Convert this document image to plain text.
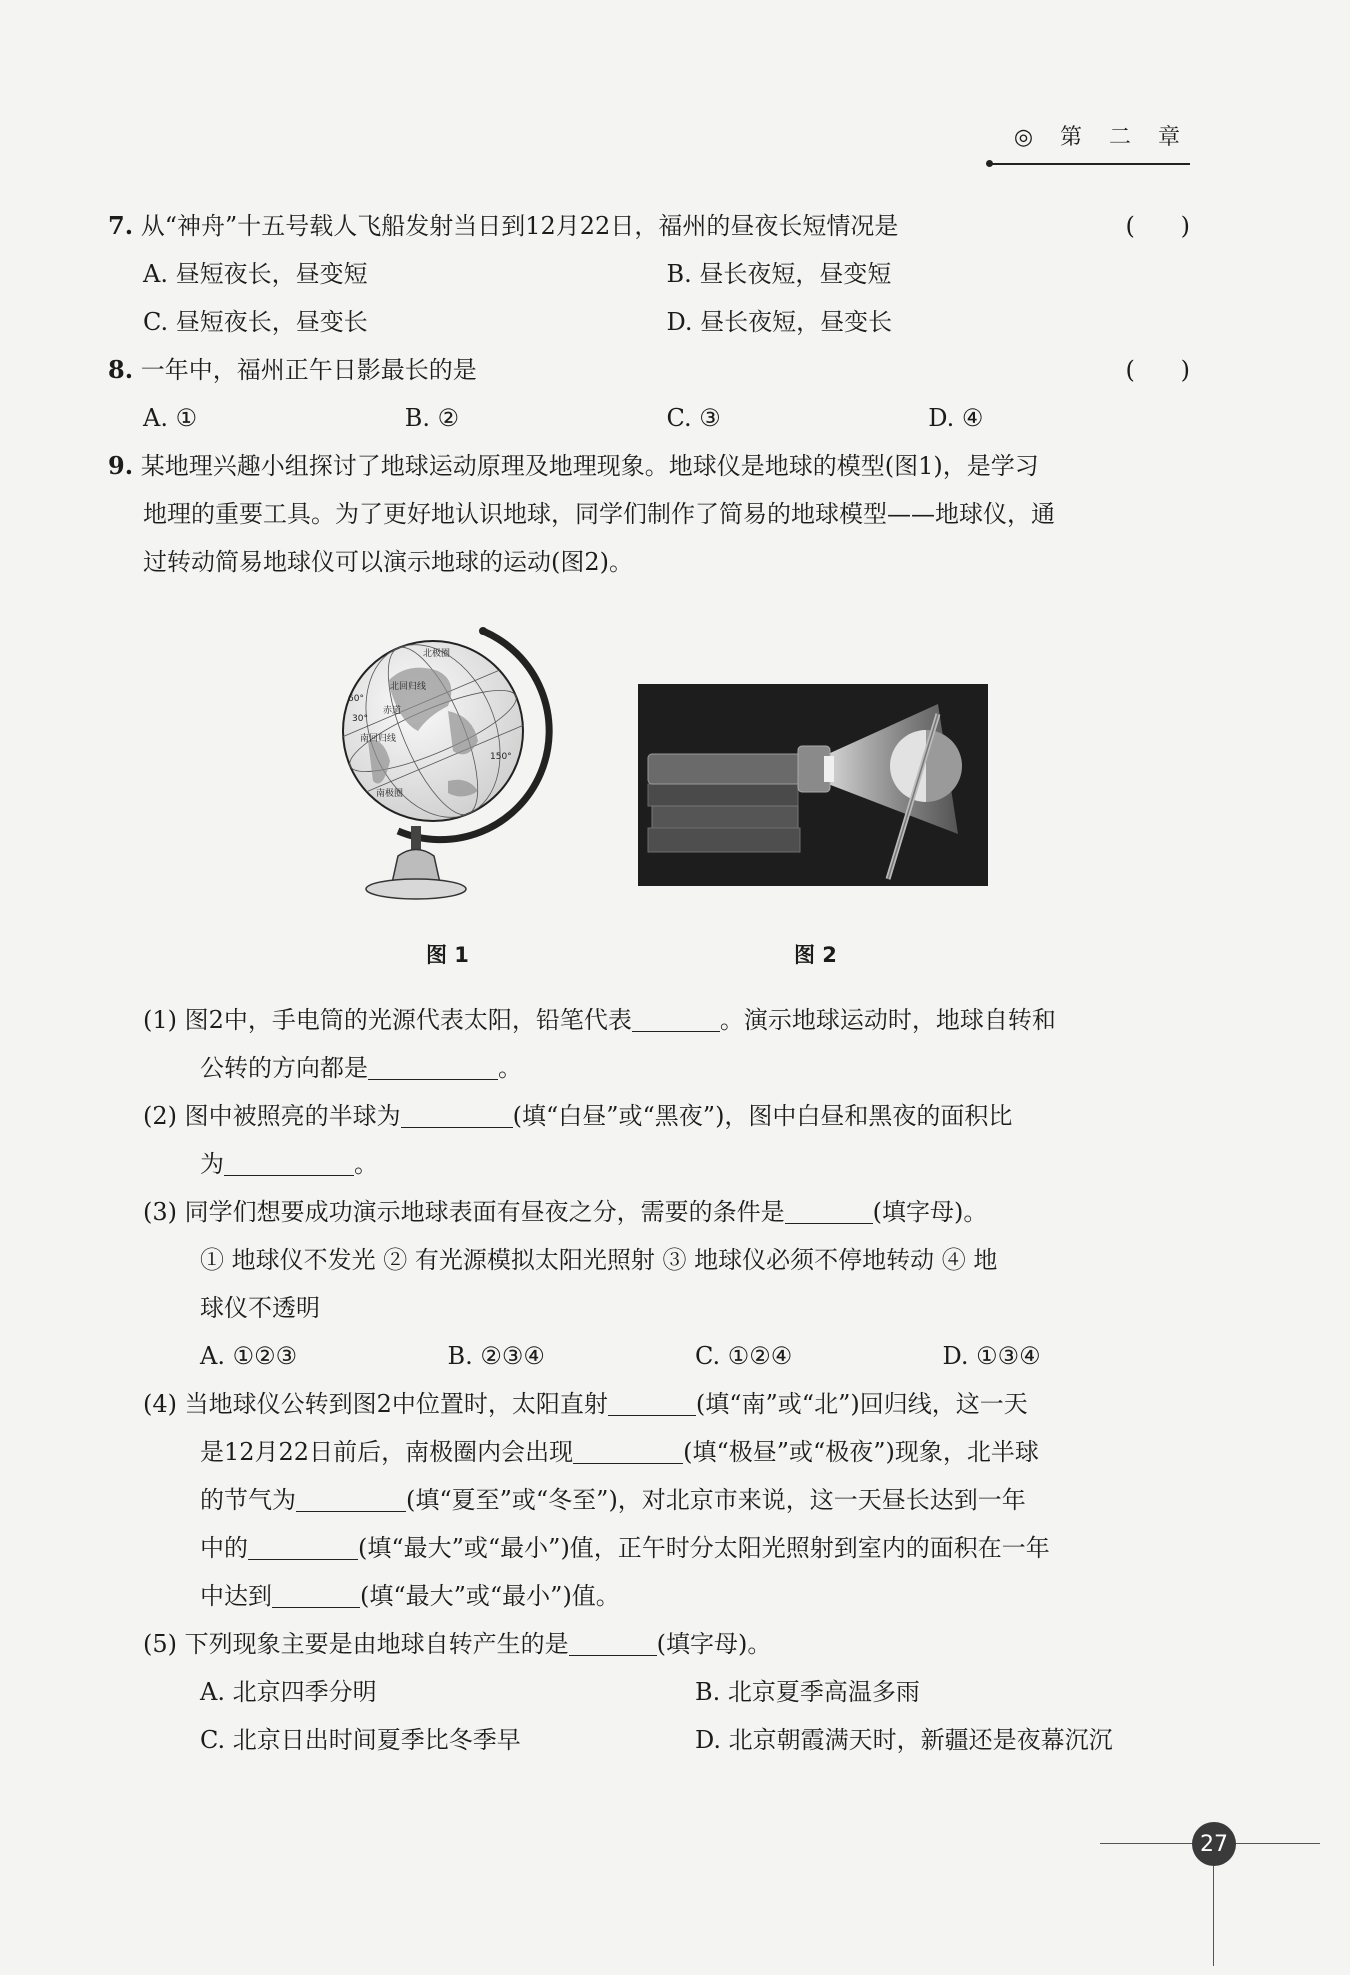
◎ 第 二 章
7. 从“神舟”十五号载人飞船发射当日到12月22日，福州的昼夜长短情况是	(      )
A. 昼短夜长，昼变短	B. 昼长夜短，昼变短
C. 昼短夜长，昼变长	D. 昼长夜短，昼变长
8. 一年中，福州正午日影最长的是	(      )
A. ①	B. ②	C. ③	D. ④
9. 某地理兴趣小组探讨了地球运动原理及地理现象。地球仪是地球的模型(图1)，是学习
地理的重要工具。为了更好地认识地球，同学们制作了简易的地球模型——地球仪，通
过转动简易地球仪可以演示地球的运动(图2)。
北极圈
北回归线
赤道
南回归线
南极圈
60°
30°
150°
图 1	图 2
(1) 图2中，手电筒的光源代表太阳，铅笔代表	。演示地球运动时，地球自转和
公转的方向都是	。
(2) 图中被照亮的半球为	(填“白昼”或“黑夜”)，图中白昼和黑夜的面积比
为	。
(3) 同学们想要成功演示地球表面有昼夜之分，需要的条件是	(填字母)。
① 地球仪不发光 ② 有光源模拟太阳光照射 ③ 地球仪必须不停地转动 ④ 地
球仪不透明
A. ①②③	B. ②③④	C. ①②④	D. ①③④
(4) 当地球仪公转到图2中位置时，太阳直射	(填“南”或“北”)回归线，这一天
是12月22日前后，南极圈内会出现	(填“极昼”或“极夜”)现象，北半球
的节气为	(填“夏至”或“冬至”)，对北京市来说，这一天昼长达到一年
中的	(填“最大”或“最小”)值，正午时分太阳光照射到室内的面积在一年
中达到	(填“最大”或“最小”)值。
(5) 下列现象主要是由地球自转产生的是	(填字母)。
A. 北京四季分明	B. 北京夏季高温多雨
C. 北京日出时间夏季比冬季早	D. 北京朝霞满天时，新疆还是夜幕沉沉
27
